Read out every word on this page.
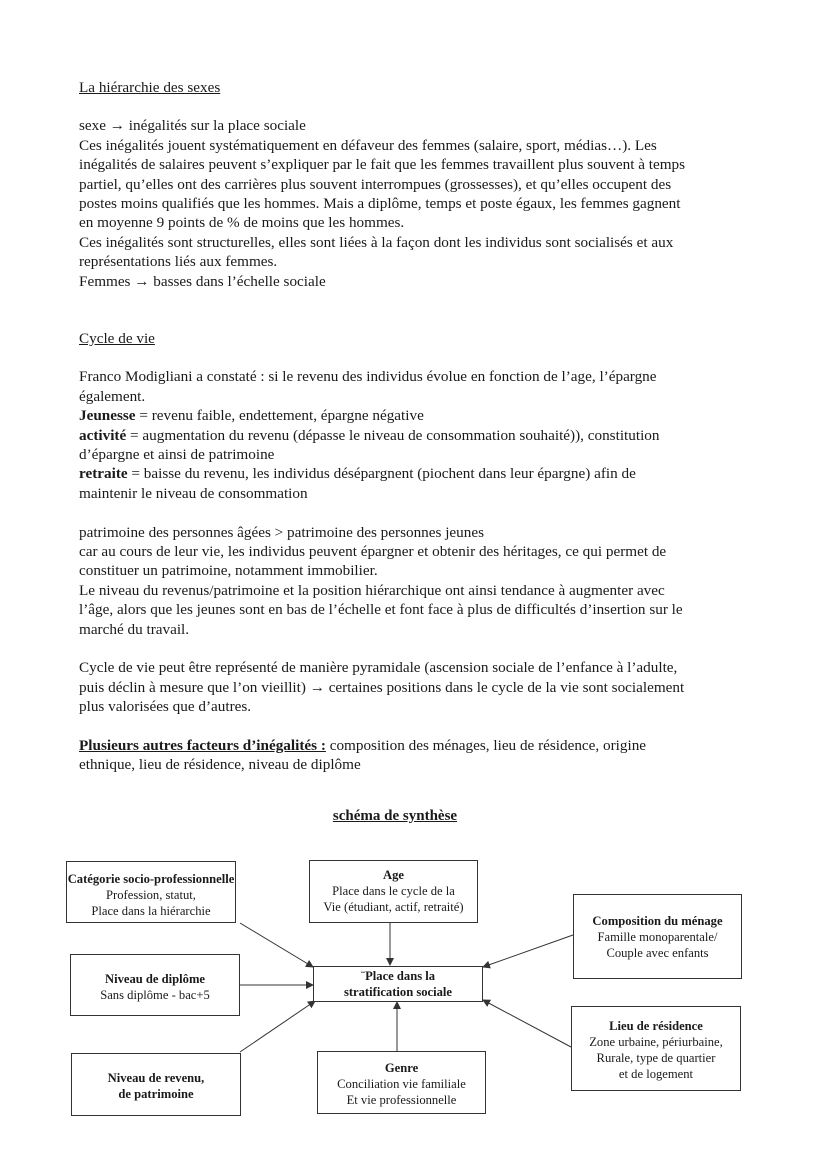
La hiérarchie des sexes
sexe → inégalités sur la place sociale
Ces inégalités jouent systématiquement en défaveur des femmes (salaire, sport, médias…). Les
inégalités de salaires peuvent s’expliquer par le fait que les femmes travaillent plus souvent à temps
partiel, qu’elles ont des carrières plus souvent interrompues (grossesses), et qu’elles occupent des
postes moins qualifiés que les hommes. Mais a diplôme, temps et poste égaux, les femmes gagnent
en moyenne 9 points de % de moins que les hommes.
Ces inégalités sont structurelles, elles sont liées à la façon dont les individus sont socialisés et aux
représentations liés aux femmes.
Femmes → basses dans l’échelle sociale
Cycle de vie
Franco Modigliani a constaté : si le revenu des individus évolue en fonction de l’age, l’épargne
également.
Jeunesse = revenu faible, endettement, épargne négative
activité = augmentation du revenu (dépasse le niveau de consommation souhaité)), constitution
d’épargne et ainsi de patrimoine
retraite = baisse du revenu, les individus désépargnent (piochent dans leur épargne) afin de
maintenir le niveau de consommation
patrimoine des personnes âgées > patrimoine des personnes jeunes
car au cours de leur vie, les individus peuvent épargner et obtenir des héritages, ce qui permet de
constituer un patrimoine, notamment immobilier.
Le niveau du revenus/patrimoine et la position hiérarchique ont ainsi tendance à augmenter avec
l’âge, alors que les jeunes sont en bas de l’échelle et font face à plus de difficultés d’insertion sur le
marché du travail.
Cycle de vie peut être représenté de manière pyramidale (ascension sociale de l’enfance à l’adulte,
puis déclin à mesure que l’on vieillit) → certaines positions dans le cycle de la vie sont socialement
plus valorisées que d’autres.
Plusieurs autres facteurs d’inégalités : composition des ménages, lieu de résidence, origine
ethnique, lieu de résidence, niveau de diplôme
schéma de synthèse
Catégorie socio-professionnelle
Profession, statut,
Place dans la hiérarchie
Age
Place dans le cycle de la
Vie (étudiant, actif, retraité)
Composition du ménage
Famille monoparentale/
Couple avec enfants
¨Place dans la
stratification sociale
Niveau de diplôme
Sans diplôme - bac+5
Lieu de résidence
Zone urbaine, périurbaine,
Rurale, type de quartier
et de logement
Niveau de revenu,
de patrimoine
Genre
Conciliation vie familiale
Et vie professionnelle
